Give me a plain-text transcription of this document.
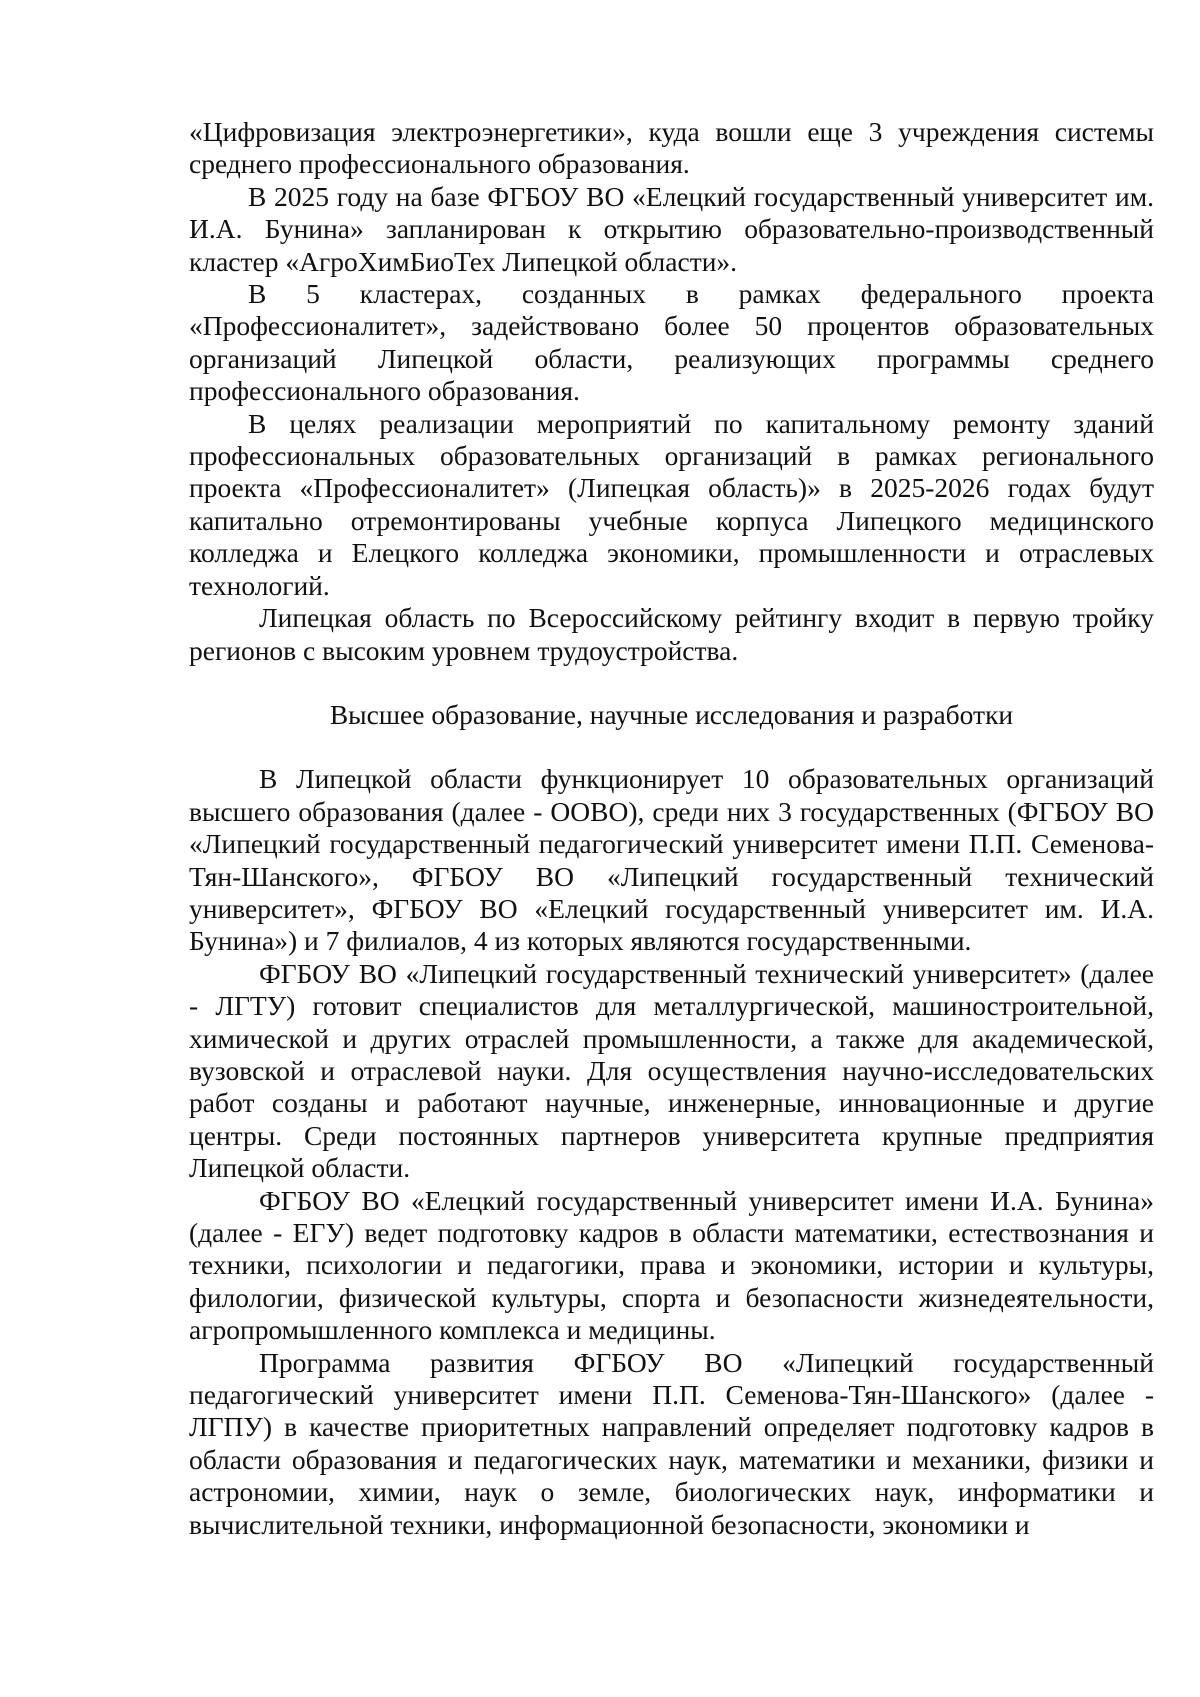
«Цифровизация электроэнергетики», куда вошли еще 3 учреждения системы среднего профессионального образования.

В 2025 году на базе ФГБОУ ВО «Елецкий государственный университет им. И.А. Бунина» запланирован к открытию образовательно-производственный кластер «АгроХимБиоТех Липецкой области».

В 5 кластерах, созданных в рамках федерального проекта «Профессионалитет», задействовано более 50 процентов образовательных организаций Липецкой области, реализующих программы среднего профессионального образования.

В целях реализации мероприятий по капитальному ремонту зданий профессиональных образовательных организаций в рамках регионального проекта «Профессионалитет» (Липецкая область)» в 2025-2026 годах будут капитально отремонтированы учебные корпуса Липецкого медицинского колледжа и Елецкого колледжа экономики, промышленности и отраслевых технологий.

Липецкая область по Всероссийскому рейтингу входит в первую тройку регионов с высоким уровнем трудоустройства.

Высшее образование, научные исследования и разработки

В Липецкой области функционирует 10 образовательных организаций высшего образования (далее - ООВО), среди них 3 государственных (ФГБОУ ВО «Липецкий государственный педагогический университет имени П.П. Семенова-Тян-Шанского», ФГБОУ ВО «Липецкий государственный технический университет», ФГБОУ ВО «Елецкий государственный университет им. И.А. Бунина») и 7 филиалов, 4 из которых являются государственными.

ФГБОУ ВО «Липецкий государственный технический университет» (далее - ЛГТУ) готовит специалистов для металлургической, машиностроительной, химической и других отраслей промышленности, а также для академической, вузовской и отраслевой науки. Для осуществления научно-исследовательских работ созданы и работают научные, инженерные, инновационные и другие центры. Среди постоянных партнеров университета крупные предприятия Липецкой области.

ФГБОУ ВО «Елецкий государственный университет имени И.А. Бунина» (далее - ЕГУ) ведет подготовку кадров в области математики, естествознания и техники, психологии и педагогики, права и экономики, истории и культуры, филологии, физической культуры, спорта и безопасности жизнедеятельности, агропромышленного комплекса и медицины.

Программа развития ФГБОУ ВО «Липецкий государственный педагогический университет имени П.П. Семенова-Тян-Шанского» (далее - ЛГПУ) в качестве приоритетных направлений определяет подготовку кадров в области образования и педагогических наук, математики и механики, физики и астрономии, химии, наук о земле, биологических наук, информатики и вычислительной техники, информационной безопасности, экономики и
